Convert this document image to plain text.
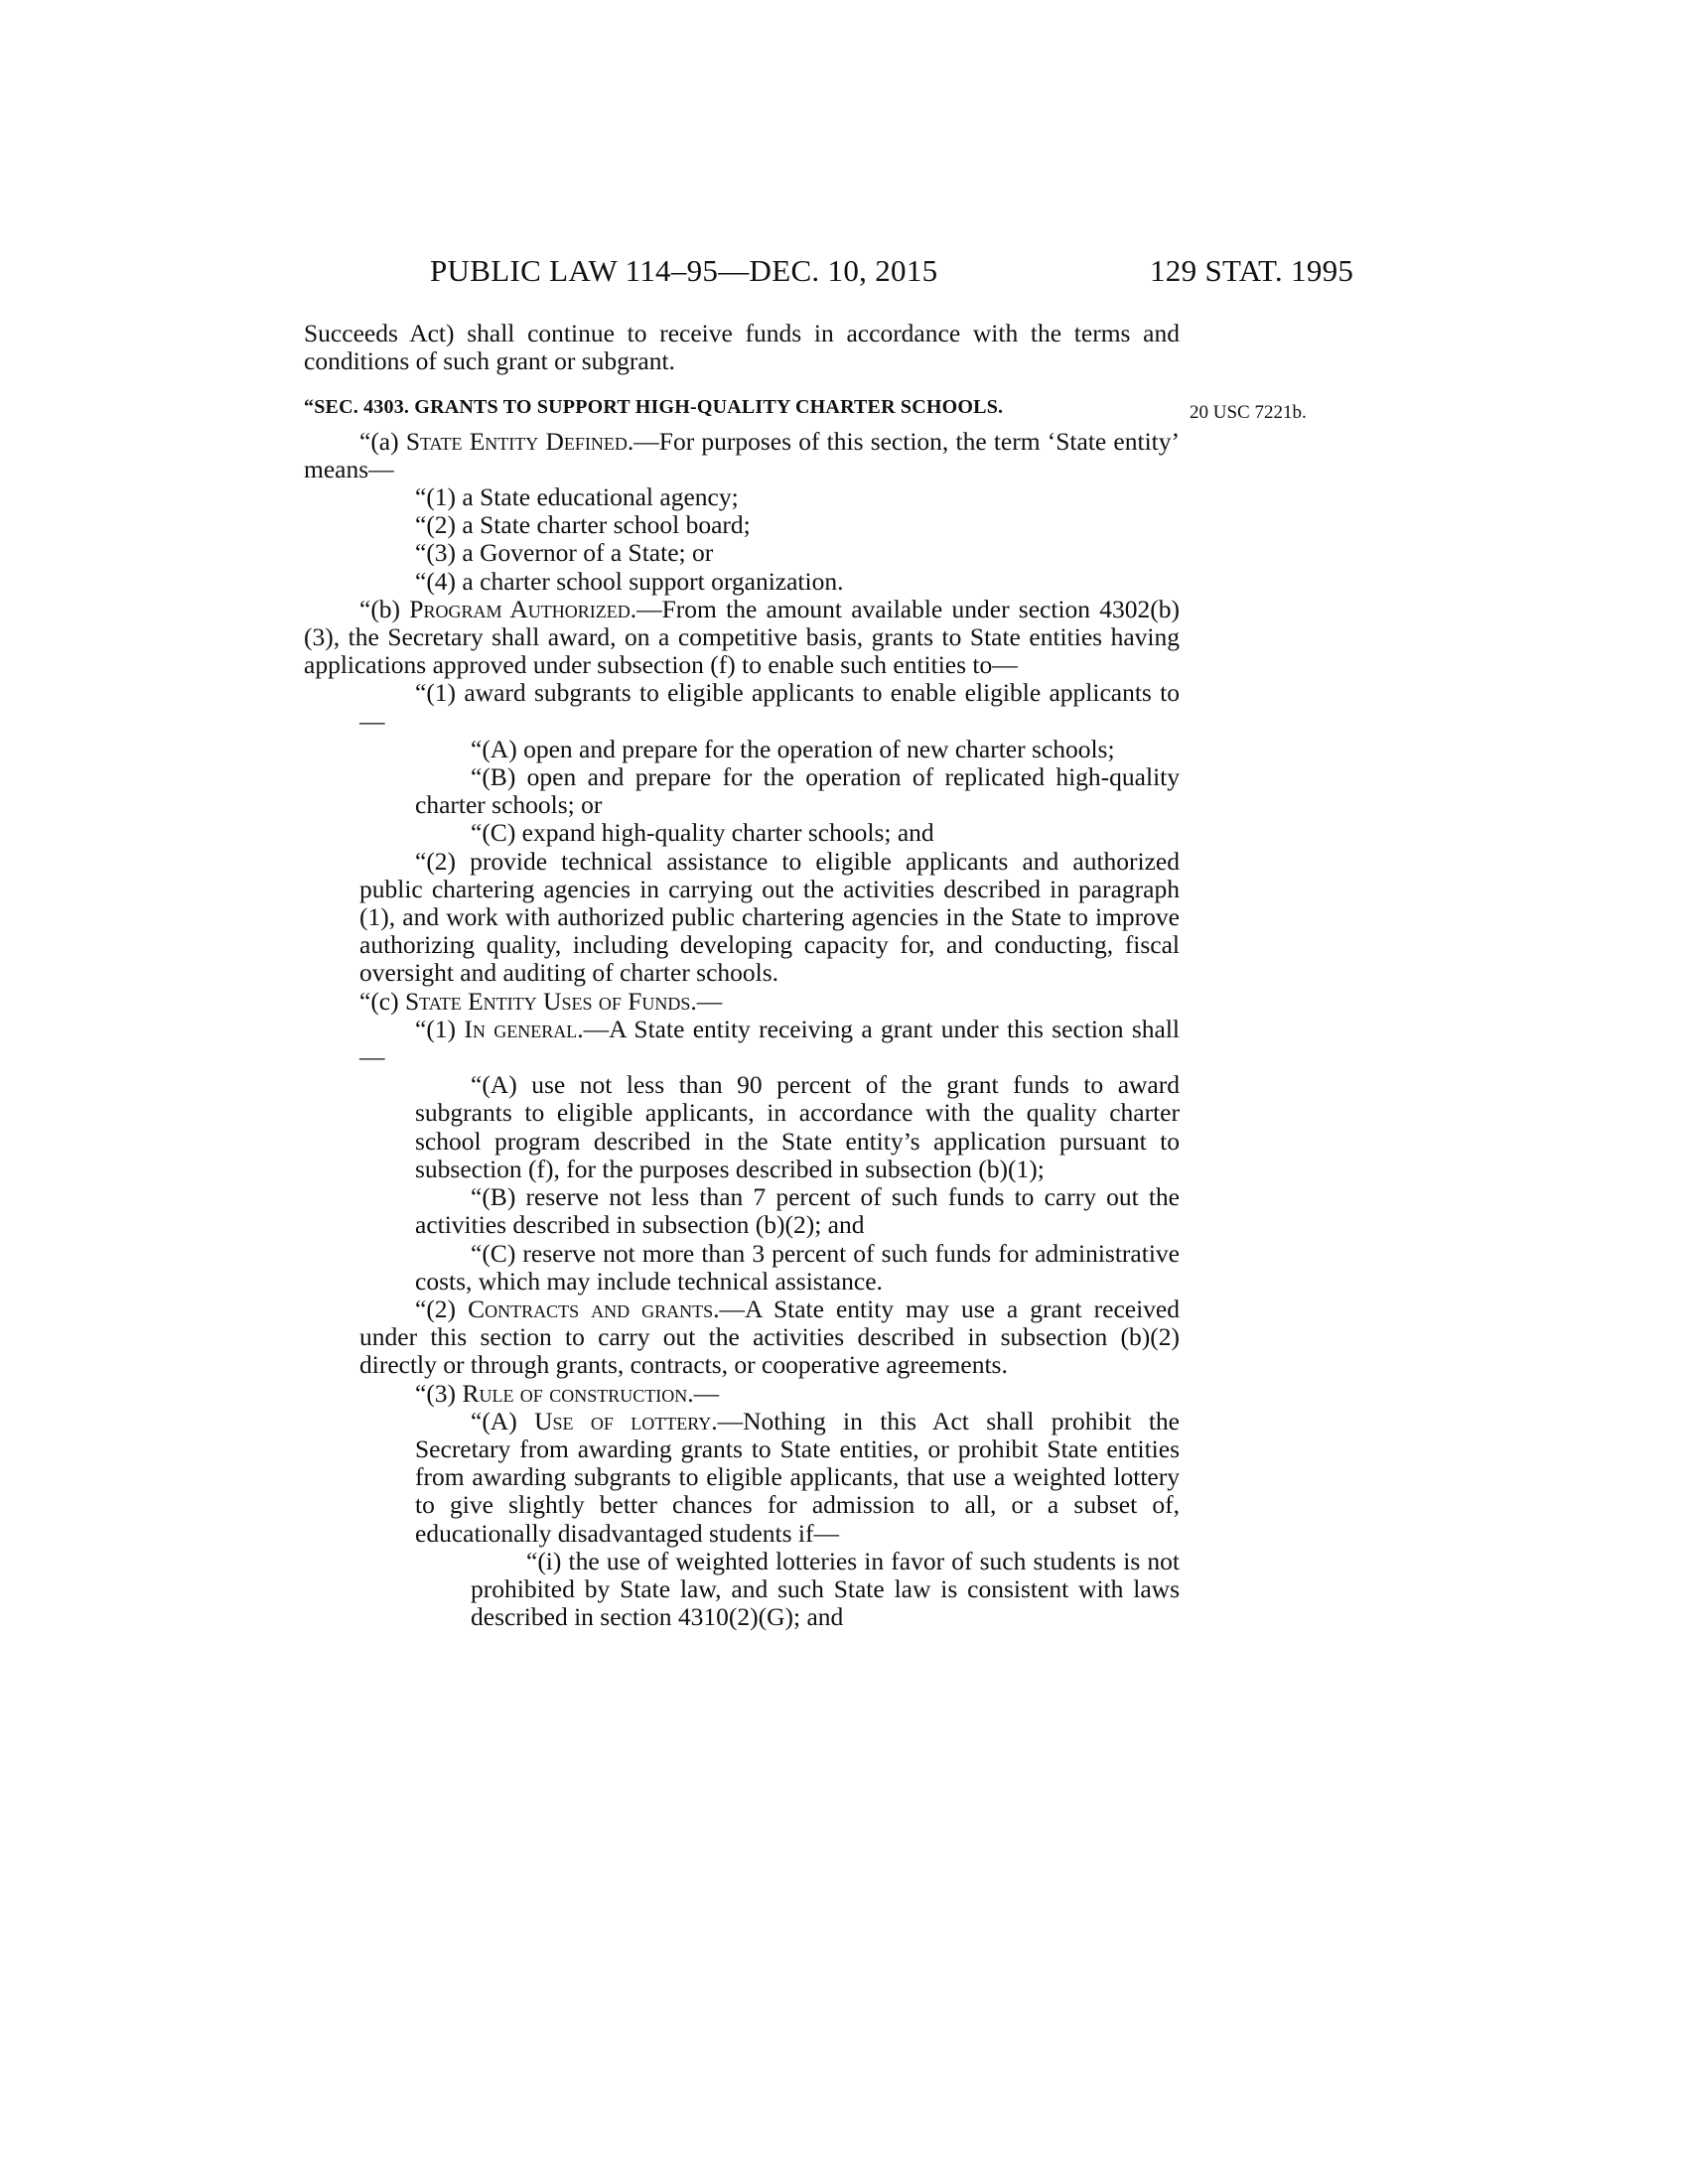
PUBLIC LAW 114–95—DEC. 10, 2015	129 STAT. 1995
20 USC 7221b.

Succeeds Act) shall continue to receive funds in accordance with the terms and conditions of such grant or subgrant.

“SEC. 4303. GRANTS TO SUPPORT HIGH-QUALITY CHARTER SCHOOLS.

“(a) State Entity Defined.—For purposes of this section, the term ‘State entity’ means—

“(1) a State educational agency;

“(2) a State charter school board;

“(3) a Governor of a State; or

“(4) a charter school support organization.

“(b) Program Authorized.—From the amount available under section 4302(b)(3), the Secretary shall award, on a competitive basis, grants to State entities having applications approved under subsection (f) to enable such entities to—

“(1) award subgrants to eligible applicants to enable eligible applicants to—

“(A) open and prepare for the operation of new charter schools;

“(B) open and prepare for the operation of replicated high-quality charter schools; or

“(C) expand high-quality charter schools; and

“(2) provide technical assistance to eligible applicants and authorized public chartering agencies in carrying out the activities described in paragraph (1), and work with authorized public chartering agencies in the State to improve authorizing quality, including developing capacity for, and conducting, fiscal oversight and auditing of charter schools.

“(c) State Entity Uses of Funds.—

“(1) In general.—A State entity receiving a grant under this section shall—

“(A) use not less than 90 percent of the grant funds to award subgrants to eligible applicants, in accordance with the quality charter school program described in the State entity’s application pursuant to subsection (f), for the purposes described in subsection (b)(1);

“(B) reserve not less than 7 percent of such funds to carry out the activities described in subsection (b)(2); and

“(C) reserve not more than 3 percent of such funds for administrative costs, which may include technical assistance.

“(2) Contracts and grants.—A State entity may use a grant received under this section to carry out the activities described in subsection (b)(2) directly or through grants, contracts, or cooperative agreements.

“(3) Rule of construction.—

“(A) Use of lottery.—Nothing in this Act shall prohibit the Secretary from awarding grants to State entities, or prohibit State entities from awarding subgrants to eligible applicants, that use a weighted lottery to give slightly better chances for admission to all, or a subset of, educationally disadvantaged students if—

“(i) the use of weighted lotteries in favor of such students is not prohibited by State law, and such State law is consistent with laws described in section 4310(2)(G); and
